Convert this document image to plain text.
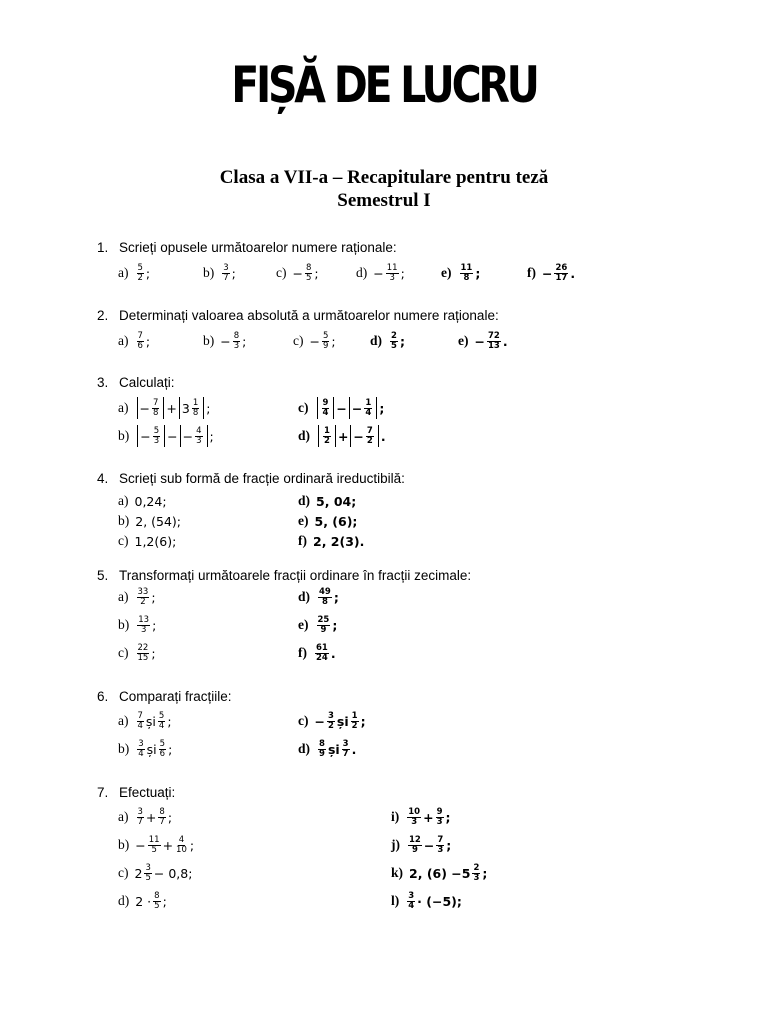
FIȘĂ DE LUCRU
Clasa a VII-a – Recapitulare pentru teză
Semestrul I
1. Scrieți opusele următoarelor numere raționale:
$a) \frac{5}{2}$ ;	$b) \frac{3}{7}$ ;	$c) - \frac{8}{5}$ ;	$d) - \frac{11}{3}$ ;	$e) \frac{11}{8}$ ;	$f) - \frac{26}{17}$ .
2. Determinați valoarea absolută a următoarelor numere raționale:
$a) \frac{7}{6}$ ;	$b) - \frac{8}{3}$ ;	$c) - \frac{5}{9}$ ;	$d) \frac{2}{5}$ ;	$e) - \frac{72}{13}$ .
3. Calculați:
$a) - \frac{7}{8} + 3 \frac{1}{8}$ ;	$c) \frac{9}{4}$ − − $\frac{1}{4}$ ;
$b) - \frac{5}{3}$ − − $\frac{4}{3}$ ;	$d) \frac{1}{2}$ + − $\frac{7}{2}$ .
4. Scrieți sub formă de fracție ordinară ireductibilă:
a) 0,24;	d) 5, 04;
b) 2, (54);	e) 5, (6);
c) 1,2(6);	f) 2, 2(3).
5. Transformați următoarele fracții ordinare în fracții zecimale:
$a) \frac{33}{2}$ ;	$d) \frac{49}{8}$ ;
$b) \frac{13}{3}$ ;	$e) \frac{25}{9}$ ;
$c) \frac{22}{15}$ ;	$f) \frac{61}{24}$ .
6. Comparați fracțiile:
$a) \frac{7}{4}$ și $\frac{5}{4}$ ;	$c) - \frac{3}{2}$ și $\frac{1}{2}$ ;
$b) \frac{3}{4}$ și $\frac{5}{6}$ ;	$d) \frac{8}{9}$ și $\frac{3}{7}$ .
7. Efectuați:
$a) \frac{3}{7} + \frac{8}{7}$ ;	$i) \frac{10}{3} + \frac{9}{3}$ ;
$b) - \frac{11}{5} + \frac{4}{10}$ ;	$j) \frac{12}{9} - \frac{7}{3}$ ;
c) $2 \frac{3}{5} - 0,8$;	k) 2, $(6) - 5 \frac{2}{3}$ ;
d) $2 \cdot \frac{8}{5}$ ;	$l) \frac{3}{4} \cdot (-5)$;
